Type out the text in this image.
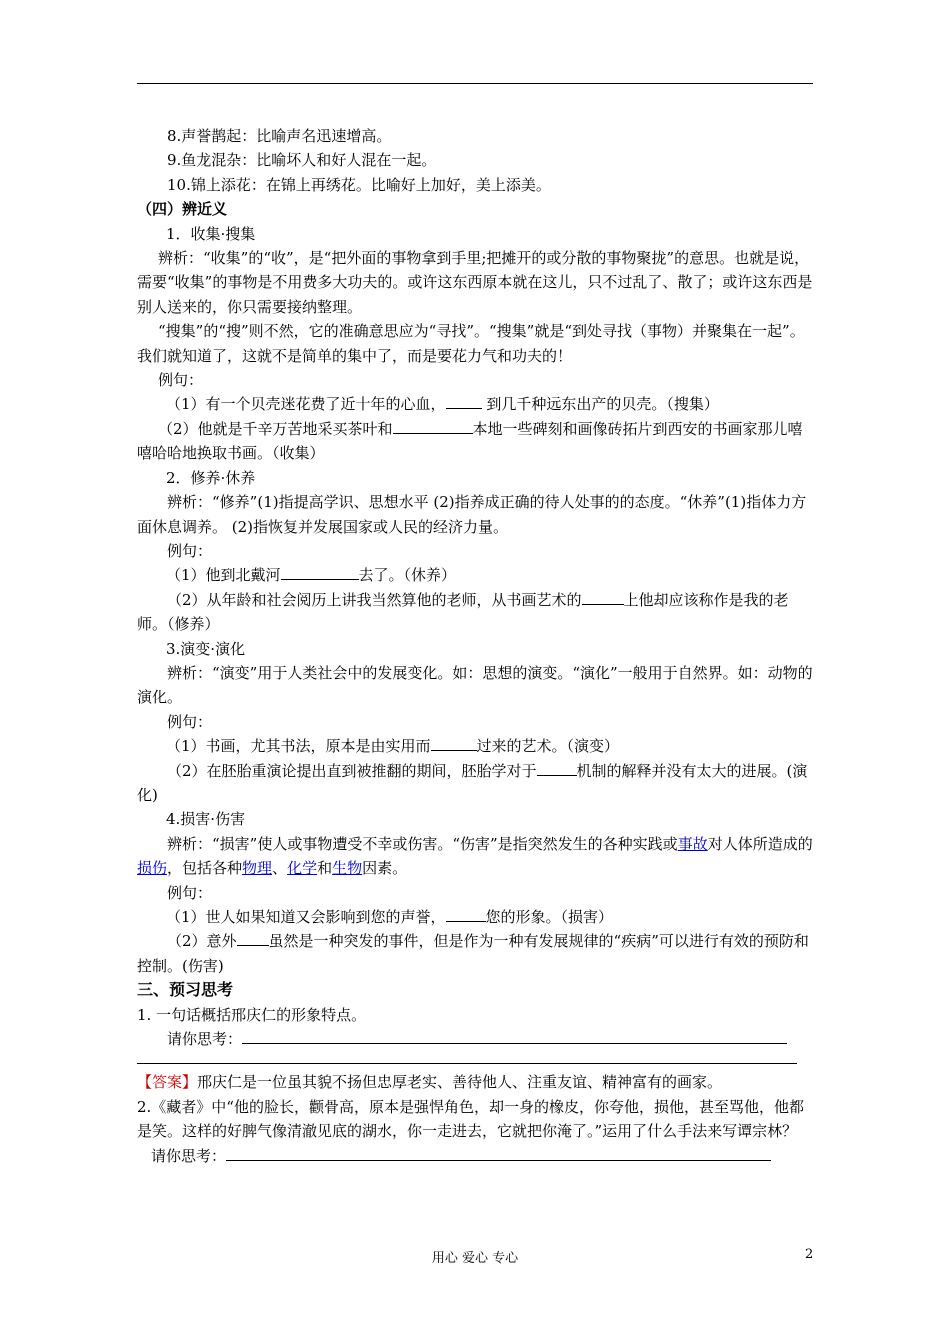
8.声誉鹊起：比喻声名迅速增高。

9.鱼龙混杂：比喻坏人和好人混在一起。

10.锦上添花：在锦上再绣花。比喻好上加好，美上添美。

（四）辨近义

1．收集·搜集

辨析：“收集”的“收”，是“把外面的事物拿到手里;把摊开的或分散的事物聚拢”的意思。也就是说，需要“收集”的事物是不用费多大功夫的。或许这东西原本就在这儿，只不过乱了、散了；或许这东西是别人送来的，你只需要接纳整理。

“搜集”的“搜”则不然，它的准确意思应为“寻找”。“搜集”就是“到处寻找（事物）并聚集在一起”。我们就知道了，这就不是简单的集中了，而是要花力气和功夫的！

例句：

（1）有一个贝壳迷花费了近十年的心血， 到几千种远东出产的贝壳。（搜集）

（2）他就是千辛万苦地采买茶叶和	本地一些碑刻和画像砖拓片到西安的书画家那儿嘻嘻哈哈地换取书画。（收集）

2．修养·休养

辨析：“修养”(1)指提高学识、思想水平 (2)指养成正确的待人处事的的态度。“休养”(1)指体力方面休息调养。 (2)指恢复并发展国家或人民的经济力量。

例句：

（1）他到北戴河	去了。（休养）

（2）从年龄和社会阅历上讲我当然算他的老师，从书画艺术的	上他却应该称作是我的老师。（修养）

3.演变·演化

辨析：“演变”用于人类社会中的发展变化。如：思想的演变。“演化”一般用于自然界。如：动物的演化。

例句：

（1）书画，尤其书法，原本是由实用而	过来的艺术。（演变）

（2）在胚胎重演论提出直到被推翻的期间，胚胎学对于	机制的解释并没有太大的进展。(演化)

4.损害·伤害

辨析：“损害”使人或事物遭受不幸或伤害。“伤害”是指突然发生的各种实践或事故对人体所造成的损伤，包括各种物理、化学和生物因素。

例句：

（1）世人如果知道又会影响到您的声誉，	您的形象。（损害）

（2）意外 虽然是一种突发的事件，但是作为一种有发展规律的“疾病”可以进行有效的预防和控制。(伤害)

三、预习思考

1. 一句话概括邢庆仁的形象特点。

请你思考：

【答案】邢庆仁是一位虽其貌不扬但忠厚老实、善待他人、注重友谊、精神富有的画家。

2.《藏者》中“他的脸长，颧骨高，原本是强悍角色，却一身的橡皮，你夸他，损他，甚至骂他，他都是笑。这样的好脾气像清澈见底的湖水，你一走进去，它就把你淹了。”运用了什么手法来写谭宗林？

请你思考：

用心 爱心 专心	2
